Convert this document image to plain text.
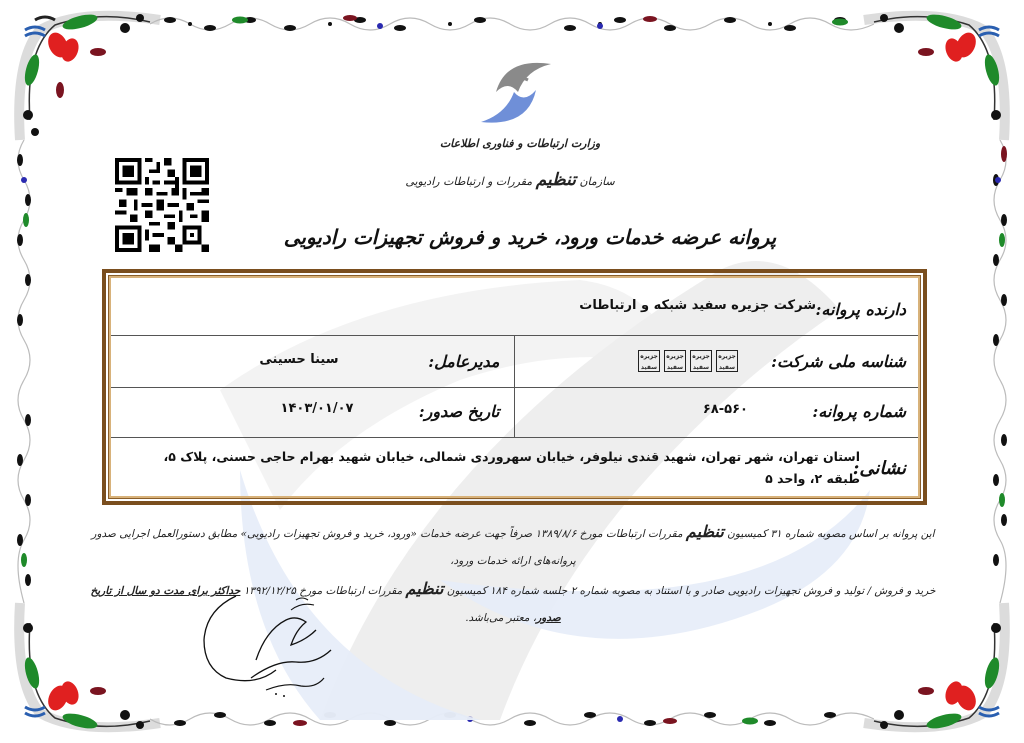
وزارت ارتباطات و فناوری اطلاعات
سازمان تنظیم مقررات و ارتباطات رادیویی
پروانه عرضه خدمات ورود، خرید و فروش تجهیزات رادیویی
دارنده پروانه:
شرکت جزیره سفید شبکه و ارتباطات
شناسه ملی شرکت:
جزیره سفید
جزیره سفید
جزیره سفید
جزیره سفید
مدیرعامل:
سینا حسینی
شماره پروانه:
۶۸-۵۶۰
تاریخ صدور:
۱۴۰۳/۰۱/۰۷
نشانی:
استان تهران، شهر تهران، شهید قندی نیلوفر، خیابان سهروردی شمالی، خیابان شهید بهرام حاجی حسنی، پلاک ۵، طبقه ۲، واحد ۵
این پروانه بر اساس مصوبه شماره ۳۱ کمیسیون تنظیم مقررات ارتباطات مورخ ۱۳۸۹/۸/۶ صرفاً جهت عرضه خدمات «ورود، خرید و فروش تجهیزات رادیویی» مطابق دستورالعمل اجرایی صدور پروانه‌های ارائه خدمات ورود،
خرید و فروش / تولید و فروش تجهیزات رادیویی صادر و با استناد به مصوبه شماره ۲ جلسه شماره ۱۸۴ کمیسیون تنظیم مقررات ارتباطات مورخ ۱۳۹۲/۱۲/۲۵ حداکثر برای مدت دو سال از تاریخ صدور، معتبر می‌باشد.
